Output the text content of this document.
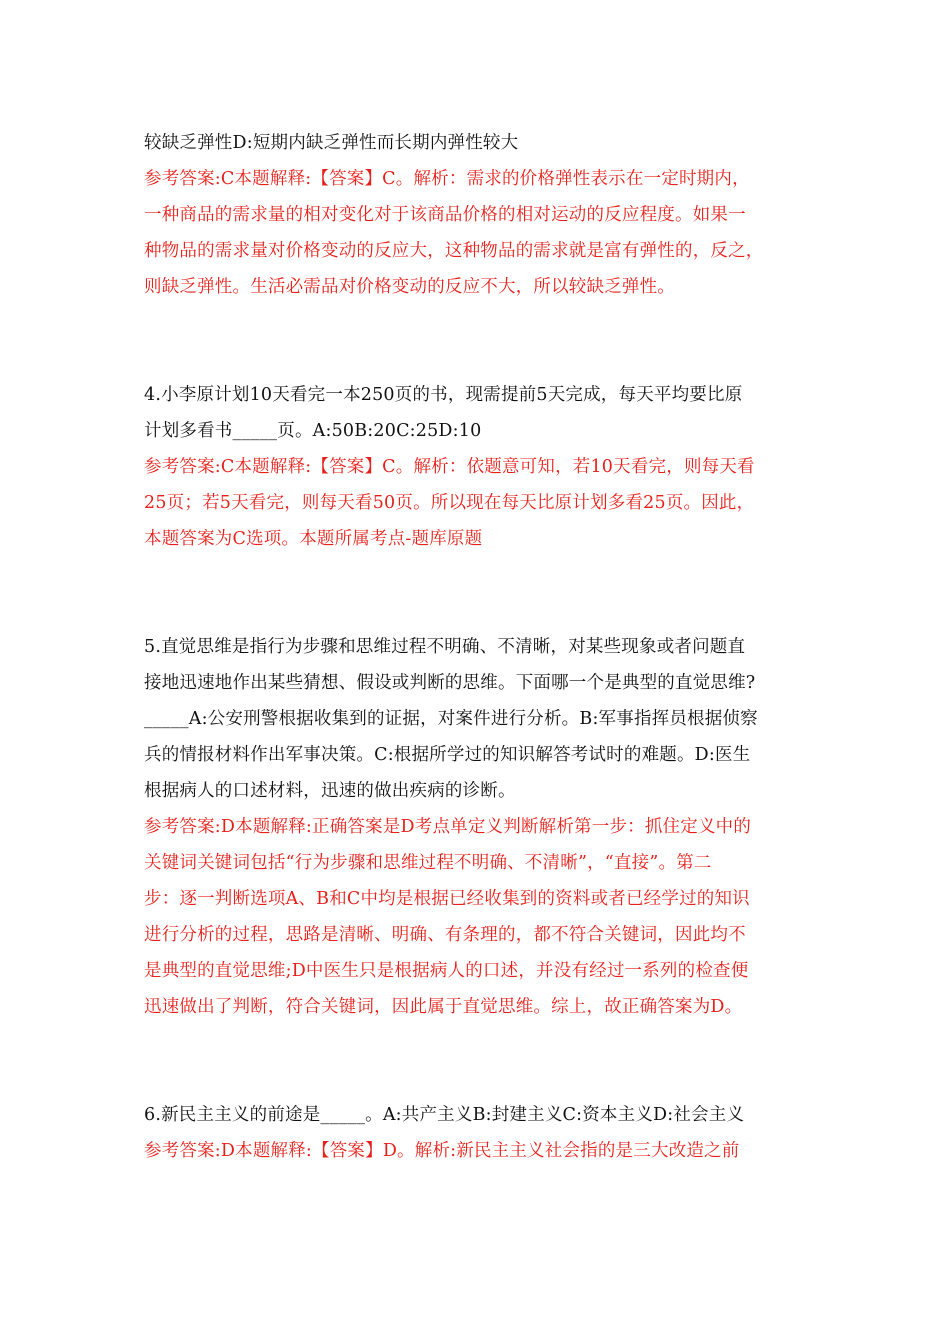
较缺乏弹性D:短期内缺乏弹性而长期内弹性较大
参考答案:C本题解释:【答案】C。解析：需求的价格弹性表示在一定时期内，
一种商品的需求量的相对变化对于该商品价格的相对运动的反应程度。如果一
种物品的需求量对价格变动的反应大，这种物品的需求就是富有弹性的，反之，
则缺乏弹性。生活必需品对价格变动的反应不大，所以较缺乏弹性。
4.小李原计划10天看完一本250页的书，现需提前5天完成，每天平均要比原
计划多看书_____页。A:50B:20C:25D:10
参考答案:C本题解释:【答案】C。解析：依题意可知，若10天看完，则每天看
25页；若5天看完，则每天看50页。所以现在每天比原计划多看25页。因此，
本题答案为C选项。本题所属考点-题库原题
5.直觉思维是指行为步骤和思维过程不明确、不清晰，对某些现象或者问题直
接地迅速地作出某些猜想、假设或判断的思维。下面哪一个是典型的直觉思维?
_____A:公安刑警根据收集到的证据，对案件进行分析。B:军事指挥员根据侦察
兵的情报材料作出军事决策。C:根据所学过的知识解答考试时的难题。D:医生
根据病人的口述材料，迅速的做出疾病的诊断。
参考答案:D本题解释:正确答案是D考点单定义判断解析第一步：抓住定义中的
关键词关键词包括“行为步骤和思维过程不明确、不清晰”，“直接”。第二
步：逐一判断选项A、B和C中均是根据已经收集到的资料或者已经学过的知识
进行分析的过程，思路是清晰、明确、有条理的，都不符合关键词，因此均不
是典型的直觉思维;D中医生只是根据病人的口述，并没有经过一系列的检查便
迅速做出了判断，符合关键词，因此属于直觉思维。综上，故正确答案为D。
6.新民主主义的前途是_____。A:共产主义B:封建主义C:资本主义D:社会主义
参考答案:D本题解释:【答案】D。解析:新民主主义社会指的是三大改造之前
